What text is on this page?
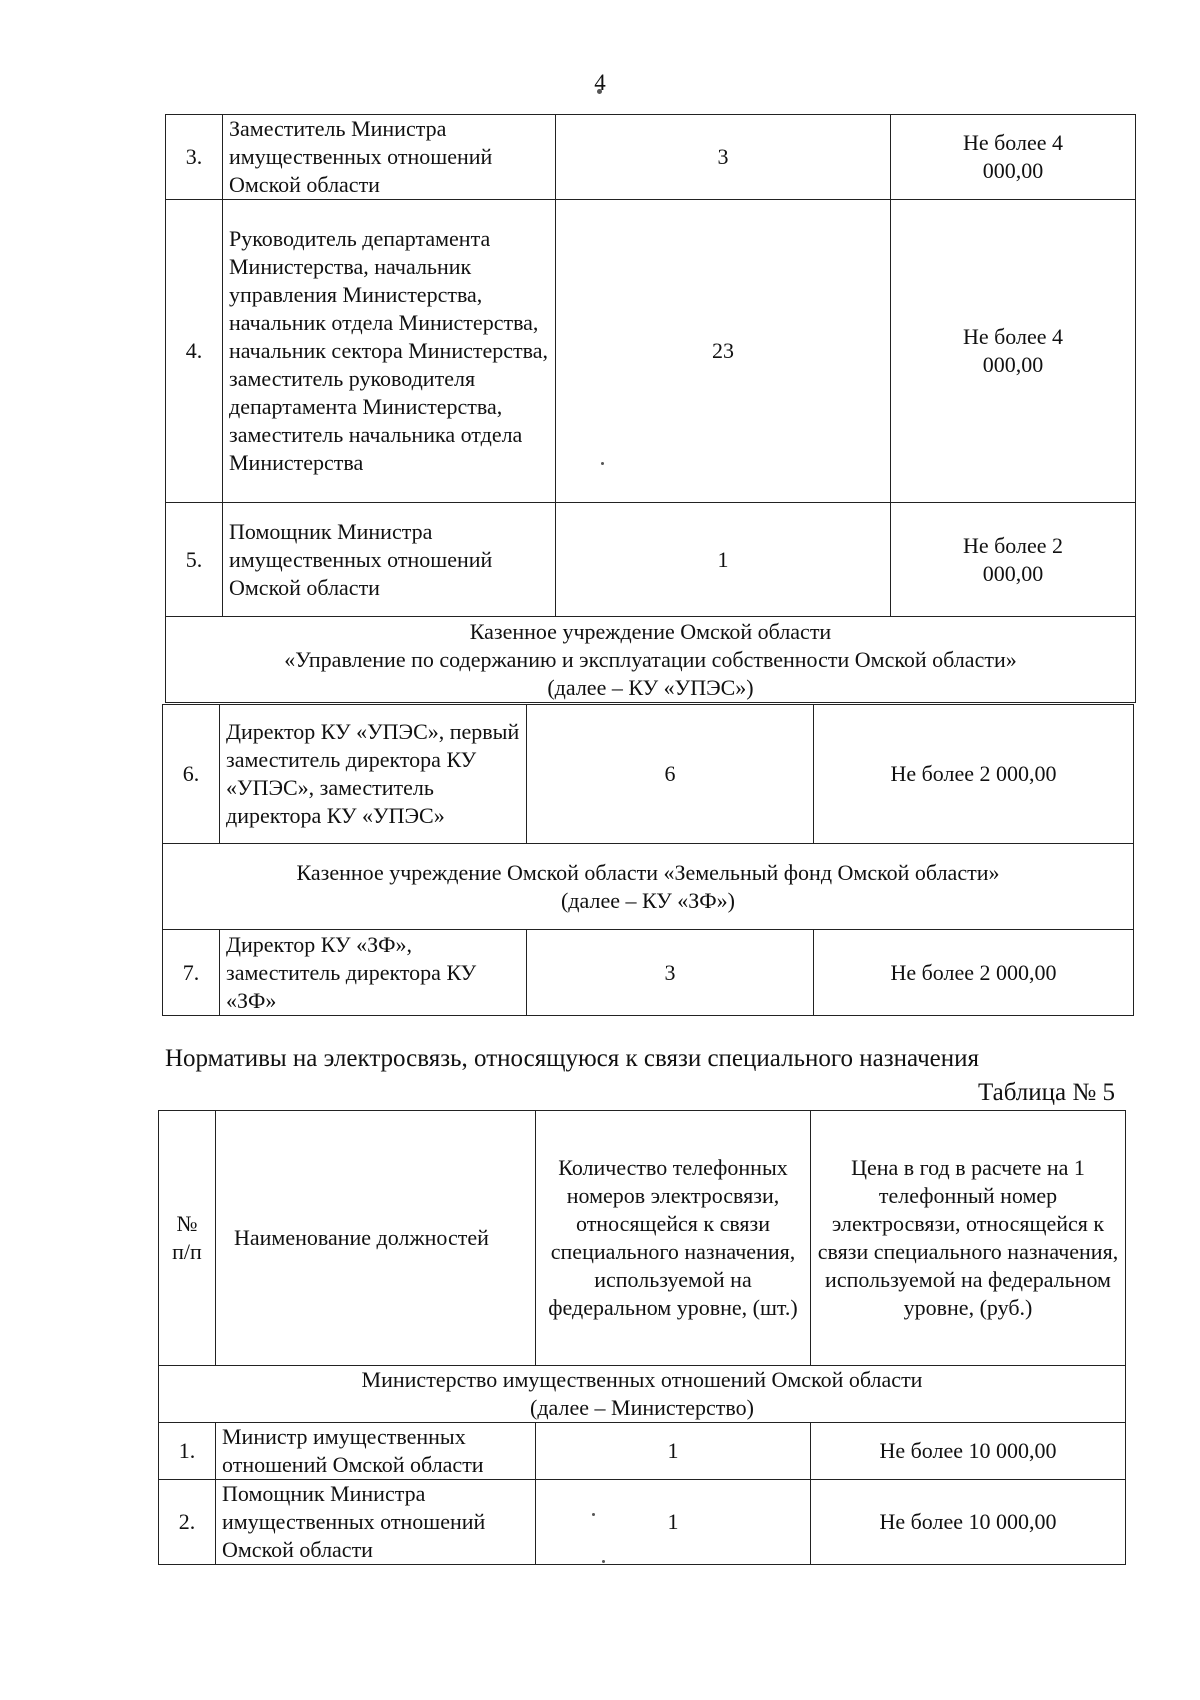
4
3.	Заместитель Министра имущественных отношений Омской области	3	Не более 4 000,00
4.	Руководитель департамента Министерства, начальник управления Министерства, начальник отдела Министерства, начальник сектора Министерства, заместитель руководителя департамента Министерства, заместитель начальника отдела Министерства	23	Не более 4 000,00
5.	Помощник Министра имущественных отношений Омской области	1	Не более 2 000,00

Казенное учреждение Омской области
«Управление по содержанию и эксплуатации собственности Омской области»
(далее – КУ «УПЭС»)			
6.	Директор КУ «УПЭС», первый заместитель директора КУ «УПЭС», заместитель директора КУ «УПЭС»	6	Не более 2 000,00

Казенное учреждение Омской области «Земельный фонд Омской области»
(далее – КУ «ЗФ»)			

7.	Директор КУ «ЗФ», заместитель директора КУ «ЗФ»	3	Не более 2 000,00
Нормативы на электросвязь, относящуюся к связи специального назначения
Таблица № 5
№ п/п	Наименование должностей	Количество телефонных номеров электросвязи, относящейся к связи специального назначения, используемой на федеральном уровне, (шт.)	Цена в год в расчете на 1 телефонный номер электросвязи, относящейся к связи специального назначения, используемой на федеральном уровне, (руб.)

Министерство имущественных отношений Омской области
(далее – Министерство)			

1.	Министр имущественных отношений Омской области	1	Не более 10 000,00
2.	Помощник Министра имущественных отношений Омской области	1	Не более 10 000,00
